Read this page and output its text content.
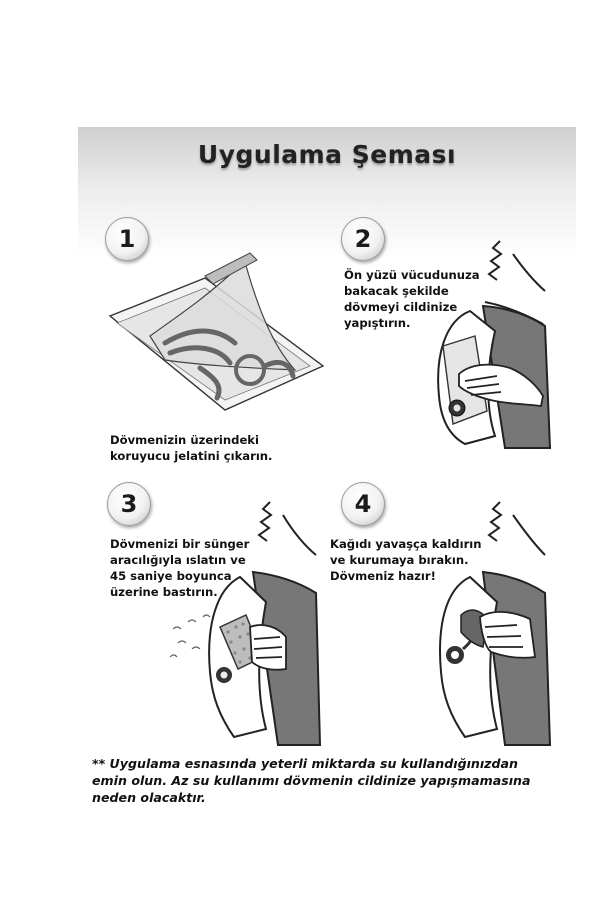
Uygulama Şeması
1	2
3	4
Dövmenizin üzerindeki
koruyucu jelatini çıkarın.
Ön yüzü vücudunuza
bakacak şekilde
dövmeyi cildinize
yapıştırın.
Dövmenizi bir sünger
aracılığıyla ıslatın ve
45 saniye boyunca
üzerine bastırın.
Kağıdı yavaşça kaldırın
ve kurumaya bırakın.
Dövmeniz hazır!
** Uygulama esnasında yeterli miktarda su kullandığınızdan emin olun. Az su kullanımı dövmenin cildinize yapışmamasına neden olacaktır.
